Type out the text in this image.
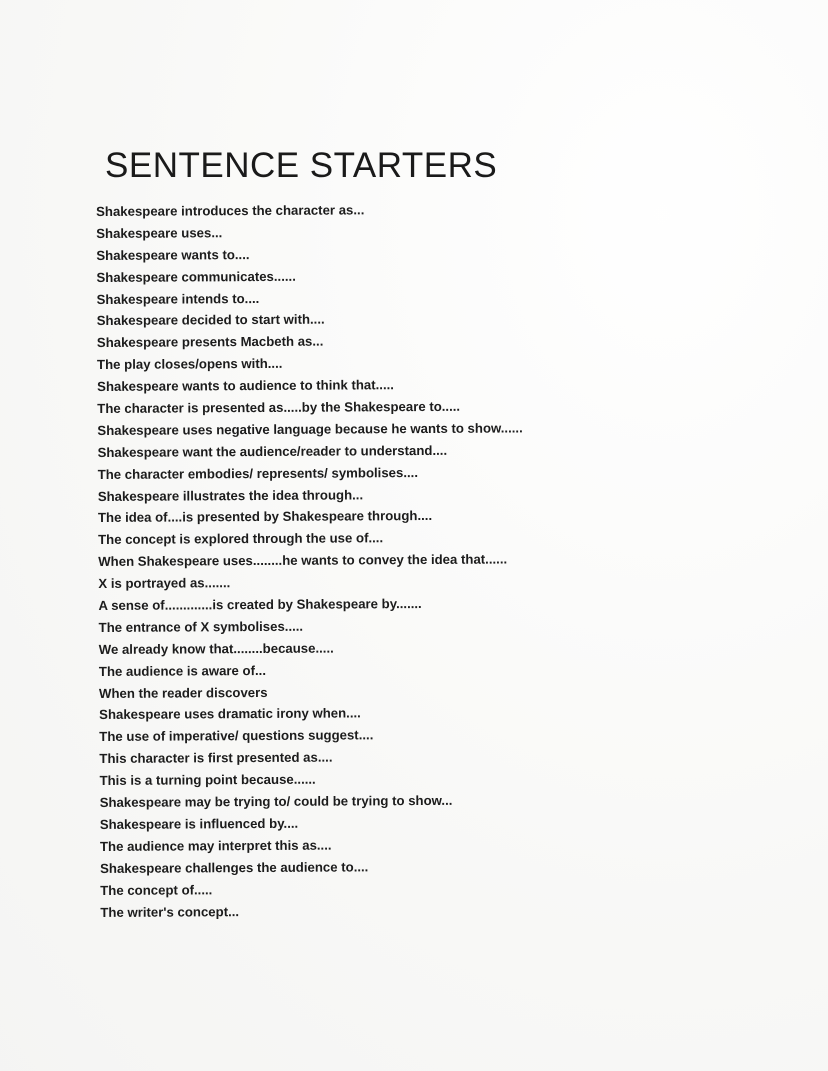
SENTENCE STARTERS
Shakespeare introduces the character as...
Shakespeare uses...
Shakespeare wants to....
Shakespeare communicates......
Shakespeare intends to....
Shakespeare decided to start with....
Shakespeare presents Macbeth as...
The play closes/opens with....
Shakespeare wants to audience to think that.....
The character is presented as.....by the Shakespeare to.....
Shakespeare uses negative language because he wants to show......
Shakespeare want the audience/reader to understand....
The character embodies/ represents/ symbolises....
Shakespeare illustrates the idea through...
The idea of....is presented by Shakespeare through....
The concept is explored through the use of....
When Shakespeare uses........he wants to convey the idea that......
X is portrayed as.......
A sense of.............is created by Shakespeare by.......
The entrance of X symbolises.....
We already know that........because.....
The audience is aware of...
When the reader discovers
Shakespeare uses dramatic irony when....
The use of imperative/ questions suggest....
This character is first presented as....
This is a turning point because......
Shakespeare may be trying to/ could be trying to show...
Shakespeare is influenced by....
The audience may interpret this as....
Shakespeare challenges the audience to....
The concept of.....
The writer's concept...
